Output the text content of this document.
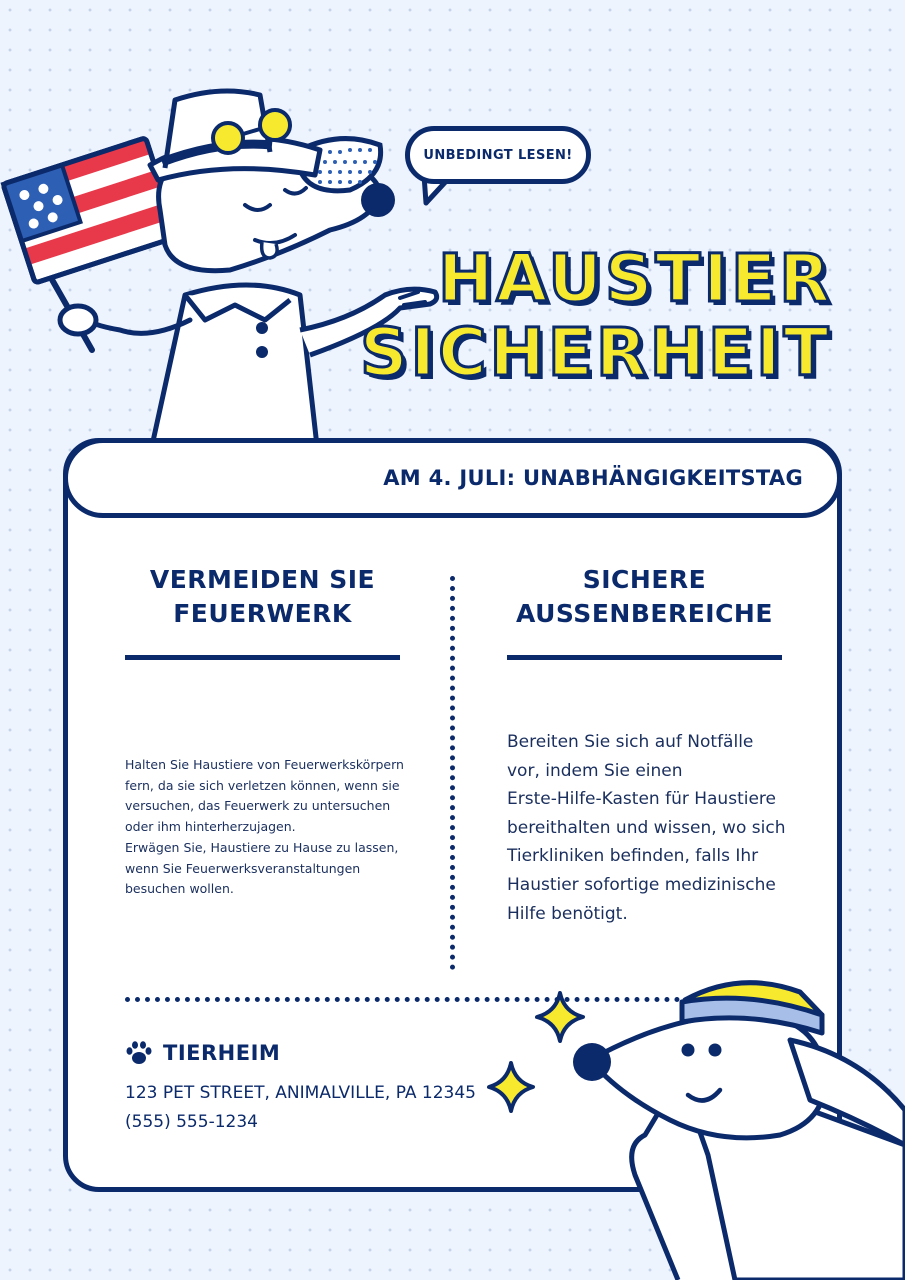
UNBEDINGT LESEN!
HAUSTIER
SICHERHEIT
AM 4. JULI: UNABHÄNGIGKEITSTAG
VERMEIDEN SIE
FEUERWERK
Halten Sie Haustiere von Feuerwerkskörpern
fern, da sie sich verletzen können, wenn sie
versuchen, das Feuerwerk zu untersuchen
oder ihm hinterherzujagen.
Erwägen Sie, Haustiere zu Hause zu lassen,
wenn Sie Feuerwerksveranstaltungen
besuchen wollen.
SICHERE
AUSSENBEREICHE
Bereiten Sie sich auf Notfälle
vor, indem Sie einen
Erste-Hilfe-Kasten für Haustiere
bereithalten und wissen, wo sich
Tierkliniken befinden, falls Ihr
Haustier sofortige medizinische
Hilfe benötigt.
TIERHEIM
123 PET STREET, ANIMALVILLE, PA 12345
(555) 555-1234
